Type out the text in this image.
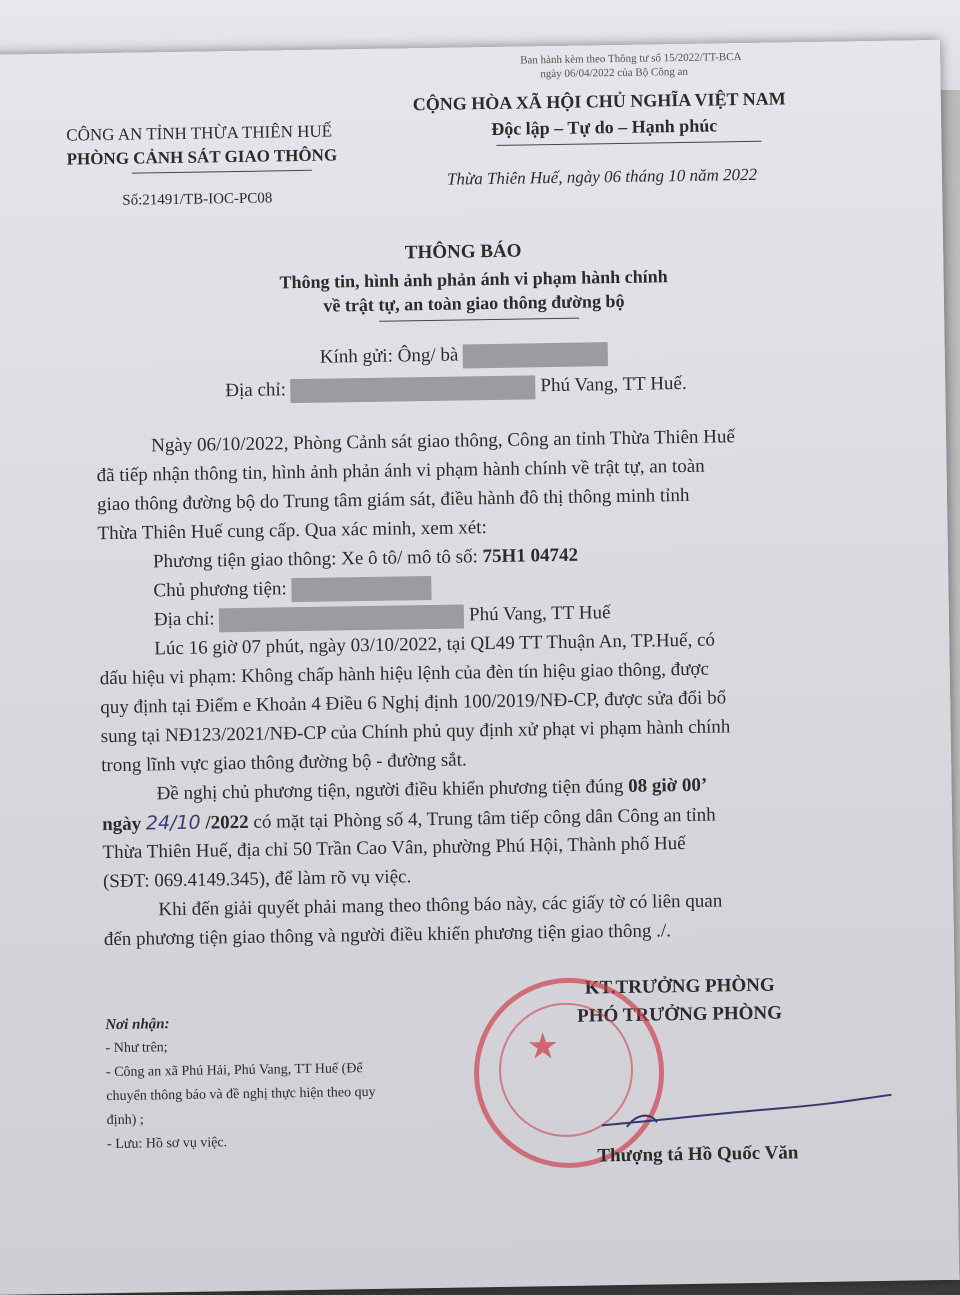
Ban hành kèm theo Thông tư số 15/2022/TT-BCA
ngày 06/04/2022 của Bộ Công an
CÔNG AN TỈNH THỪA THIÊN HUẾ
PHÒNG CẢNH SÁT GIAO THÔNG
Số:21491/TB-IOC-PC08
CỘNG HÒA XÃ HỘI CHỦ NGHĨA VIỆT NAM
Độc lập – Tự do – Hạnh phúc
Thừa Thiên Huế, ngày 06 tháng 10 năm 2022
THÔNG BÁO
Thông tin, hình ảnh phản ánh vi phạm hành chính
về trật tự, an toàn giao thông đường bộ
Kính gửi: Ông/ bà
Địa chỉ:	Phú Vang, TT Huế.
Ngày 06/10/2022, Phòng Cảnh sát giao thông, Công an tỉnh Thừa Thiên Huế
đã tiếp nhận thông tin, hình ảnh phản ánh vi phạm hành chính về trật tự, an toàn
giao thông đường bộ do Trung tâm giám sát, điều hành đô thị thông minh tỉnh
Thừa Thiên Huế cung cấp. Qua xác minh, xem xét:
Phương tiện giao thông: Xe ô tô/ mô tô số: 75H1 04742
Chủ phương tiện:
Địa chỉ:	Phú Vang, TT Huế
Lúc 16 giờ 07 phút, ngày 03/10/2022, tại QL49 TT Thuận An, TP.Huế, có
dấu hiệu vi phạm: Không chấp hành hiệu lệnh của đèn tín hiệu giao thông, được
quy định tại Điểm e Khoản 4 Điều 6 Nghị định 100/2019/NĐ-CP, được sửa đổi bổ
sung tại NĐ123/2021/NĐ-CP của Chính phủ quy định xử phạt vi phạm hành chính
trong lĩnh vực giao thông đường bộ - đường sắt.
Đề nghị chủ phương tiện, người điều khiển phương tiện đúng 08 giờ 00’
ngày 24/10 /2022 có mặt tại Phòng số 4, Trung tâm tiếp công dân Công an tỉnh
Thừa Thiên Huế, địa chỉ 50 Trần Cao Vân, phường Phú Hội, Thành phố Huế
(SĐT: 069.4149.345), để làm rõ vụ việc.
Khi đến giải quyết phải mang theo thông báo này, các giấy tờ có liên quan
đến phương tiện giao thông và người điều khiển phương tiện giao thông ./.
Nơi nhận:
- Như trên;
- Công an xã Phú Hải, Phú Vang, TT Huế (Để
chuyển thông báo và đề nghị thực hiện theo quy
định) ;
- Lưu: Hồ sơ vụ việc.
KT.TRƯỞNG PHÒNG
PHÓ TRƯỞNG PHÒNG
★
Thượng tá Hồ Quốc Văn
